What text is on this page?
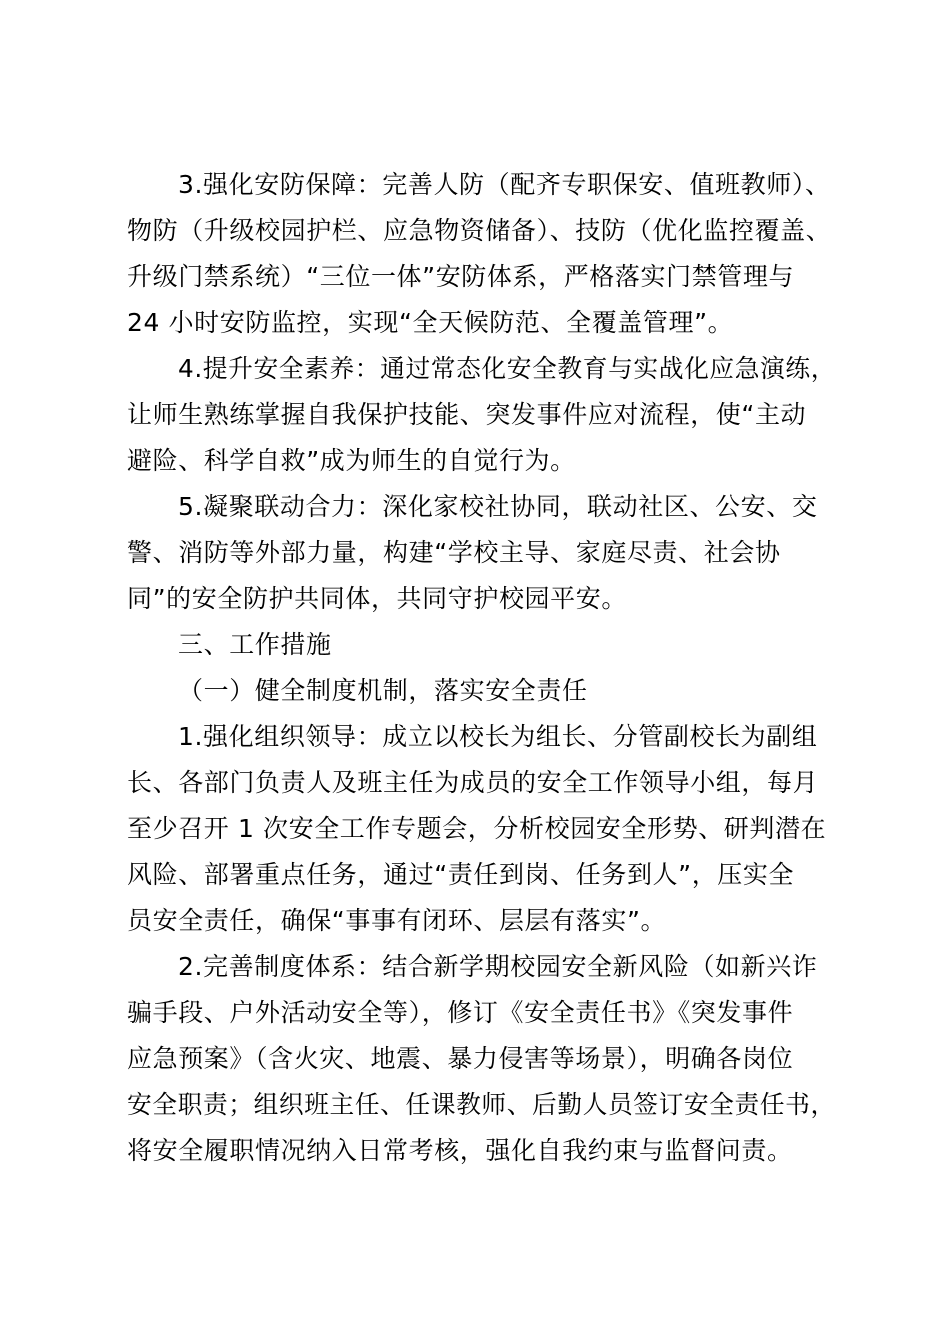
3.强化安防保障：完善人防（配齐专职保安、值班教师）、
物防（升级校园护栏、应急物资储备）、技防（优化监控覆盖、
升级门禁系统）“三位一体”安防体系，严格落实门禁管理与
24 小时安防监控，实现“全天候防范、全覆盖管理”。
4.提升安全素养：通过常态化安全教育与实战化应急演练，
让师生熟练掌握自我保护技能、突发事件应对流程，使“主动
避险、科学自救”成为师生的自觉行为。
5.凝聚联动合力：深化家校社协同，联动社区、公安、交
警、消防等外部力量，构建“学校主导、家庭尽责、社会协
同”的安全防护共同体，共同守护校园平安。
三、工作措施
（一）健全制度机制，落实安全责任
1.强化组织领导：成立以校长为组长、分管副校长为副组
长、各部门负责人及班主任为成员的安全工作领导小组，每月
至少召开 1 次安全工作专题会，分析校园安全形势、研判潜在
风险、部署重点任务，通过“责任到岗、任务到人”，压实全
员安全责任，确保“事事有闭环、层层有落实”。
2.完善制度体系：结合新学期校园安全新风险（如新兴诈
骗手段、户外活动安全等），修订《安全责任书》《突发事件
应急预案》（含火灾、地震、暴力侵害等场景），明确各岗位
安全职责；组织班主任、任课教师、后勤人员签订安全责任书，
将安全履职情况纳入日常考核，强化自我约束与监督问责。
